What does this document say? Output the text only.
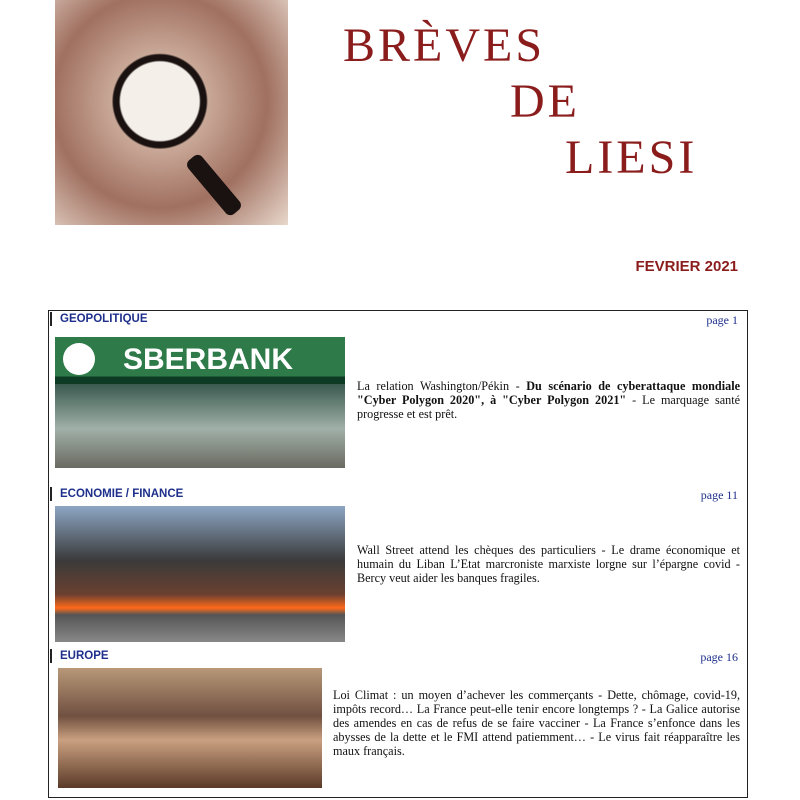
BRÈVES
DE
LIESI
FEVRIER 2021
GEOPOLITIQUE	page 1
SBERBANK
La relation Washington/Pékin - Du scénario de cyberattaque mondiale "Cyber Polygon 2020", à "Cyber Polygon 2021" - Le marquage santé progresse et est prêt.
ECONOMIE / FINANCE	page 11
Wall Street attend les chèques des particuliers - Le drame économique et humain du Liban L’Etat marcroniste marxiste lorgne sur l’épargne covid - Bercy veut aider les banques fragiles.
EUROPE	page 16
Loi Climat : un moyen d’achever les commerçants - Dette, chômage, covid-19, impôts record… La France peut-elle tenir encore longtemps ? - La Galice autorise des amendes en cas de refus de se faire vacciner - La France s’enfonce dans les abysses de la dette et le FMI attend patiemment… - Le virus fait réapparaître les maux français.
